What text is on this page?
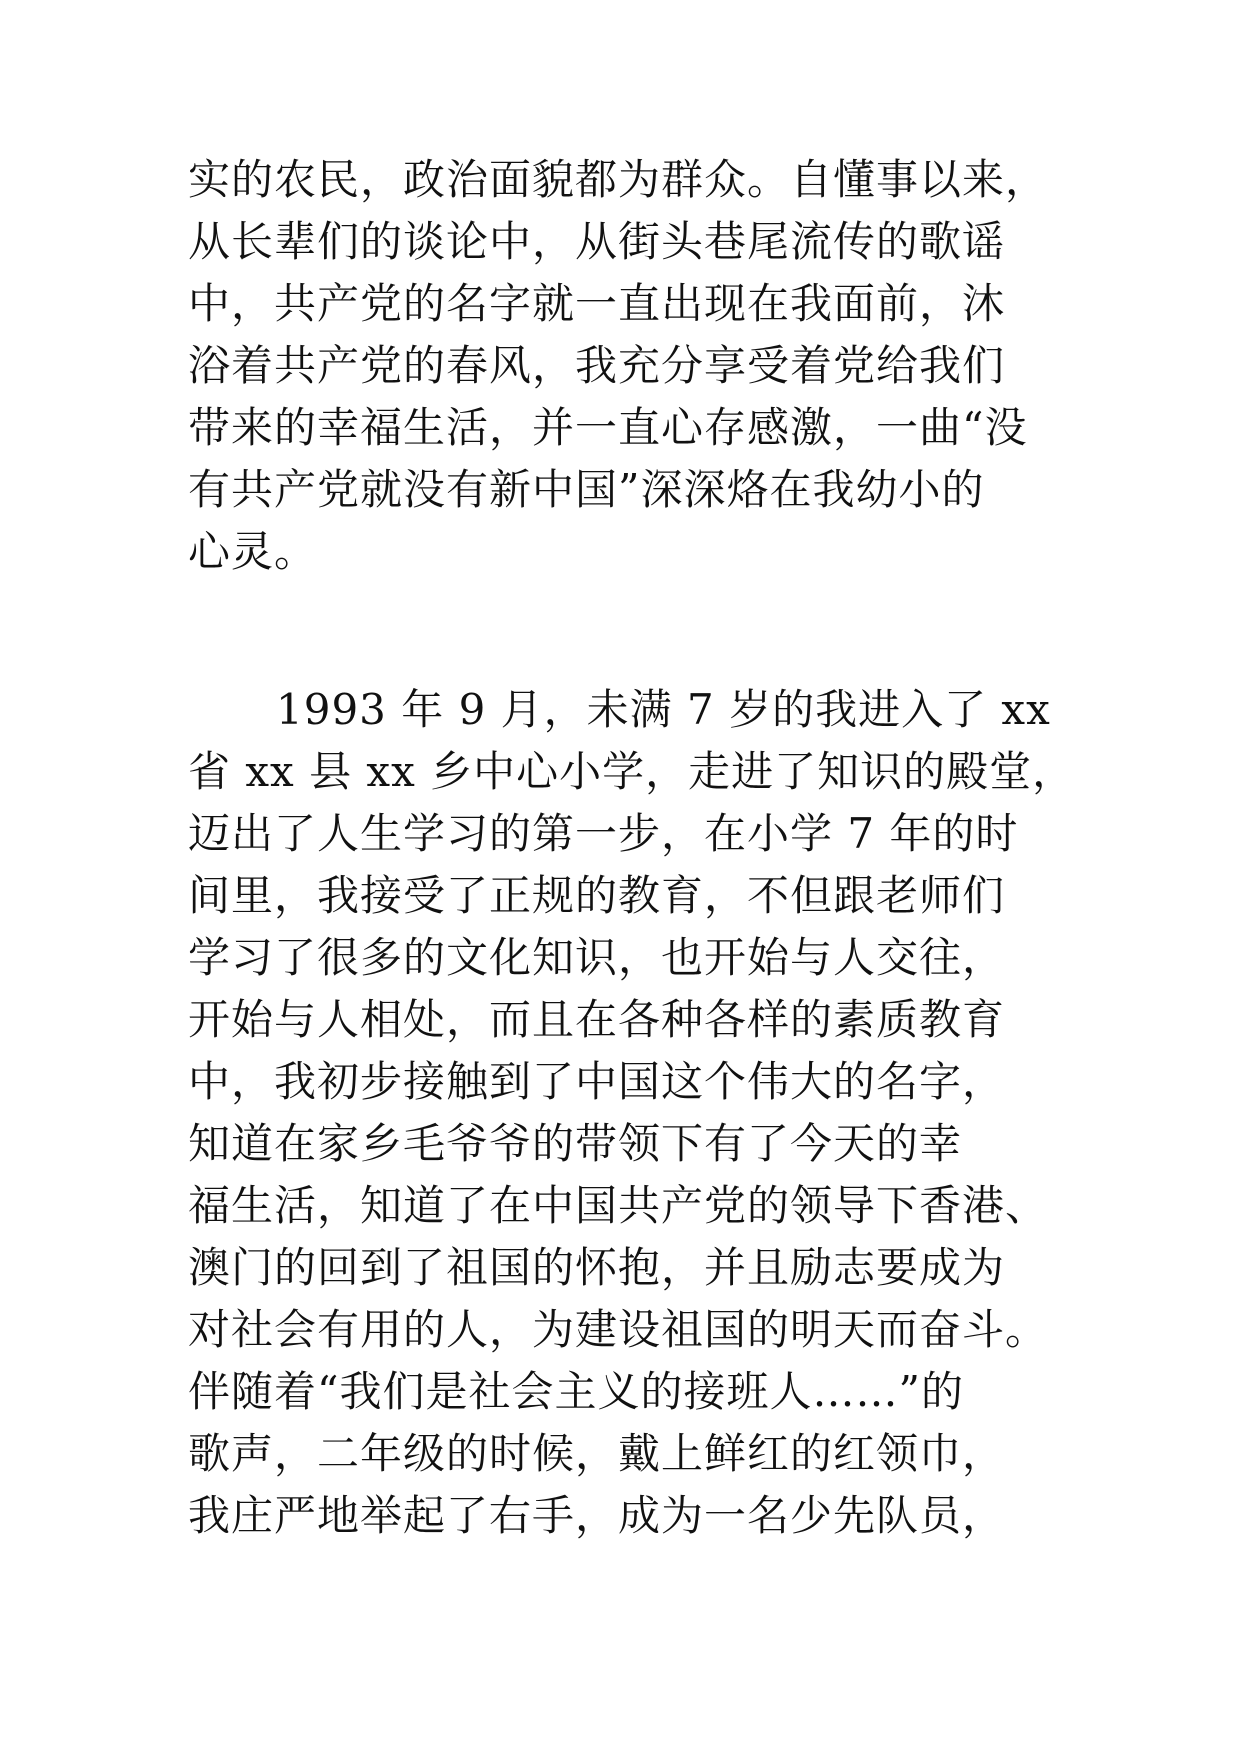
实的农民，政治面貌都为群众。自懂事以来，
从长辈们的谈论中，从街头巷尾流传的歌谣
中，共产党的名字就一直出现在我面前，沐
浴着共产党的春风，我充分享受着党给我们
带来的幸福生活，并一直心存感激，一曲“没
有共产党就没有新中国”深深烙在我幼小的
心灵。
1993 年 9 月，未满 7 岁的我进入了 xx
省 xx 县 xx 乡中心小学，走进了知识的殿堂，
迈出了人生学习的第一步，在小学 7 年的时
间里，我接受了正规的教育，不但跟老师们
学习了很多的文化知识，也开始与人交往，
开始与人相处，而且在各种各样的素质教育
中，我初步接触到了中国这个伟大的名字，
知道在家乡毛爷爷的带领下有了今天的幸
福生活，知道了在中国共产党的领导下香港、
澳门的回到了祖国的怀抱，并且励志要成为
对社会有用的人，为建设祖国的明天而奋斗。
伴随着“我们是社会主义的接班人……”的
歌声，二年级的时候，戴上鲜红的红领巾，
我庄严地举起了右手，成为一名少先队员，
